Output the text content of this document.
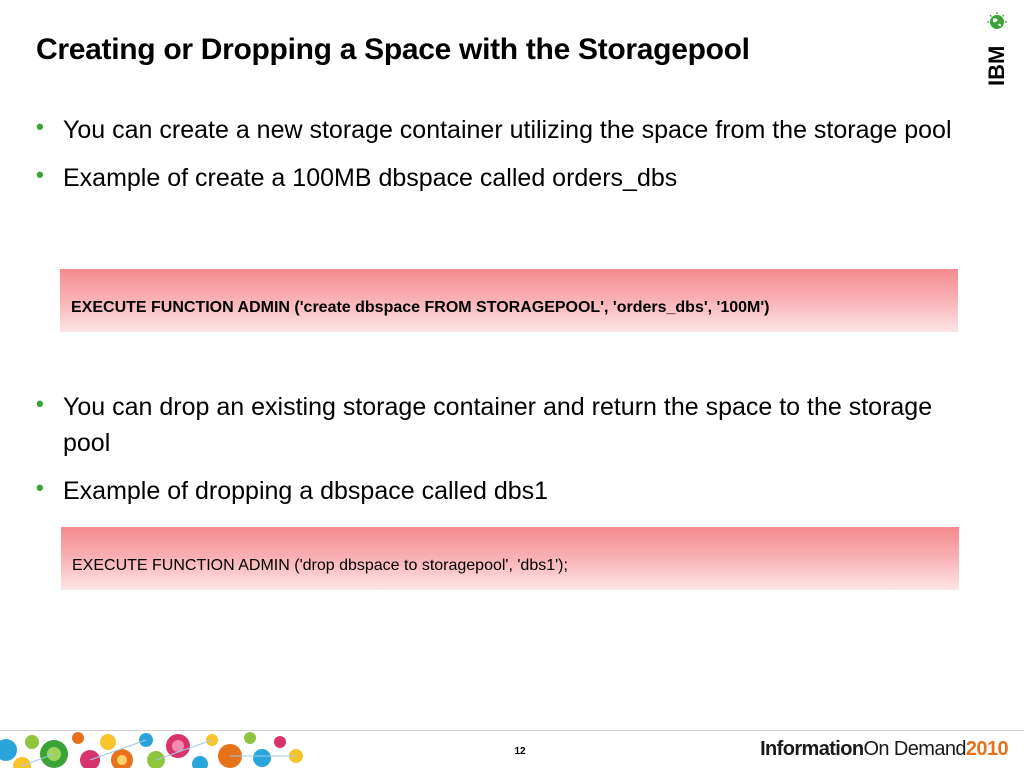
Creating or Dropping a Space with the Storagepool	IBM
• You can create a new storage container utilizing the space from the storage pool
• Example of create a 100MB dbspace called orders_dbs
EXECUTE FUNCTION ADMIN ('create dbspace FROM STORAGEPOOL', 'orders_dbs', '100M')
• You can drop an existing storage container and return the space to the storage pool
• Example of dropping a dbspace called dbs1
EXECUTE FUNCTION ADMIN ('drop dbspace to storagepool', 'dbs1');
12	InformationOn Demand2010
